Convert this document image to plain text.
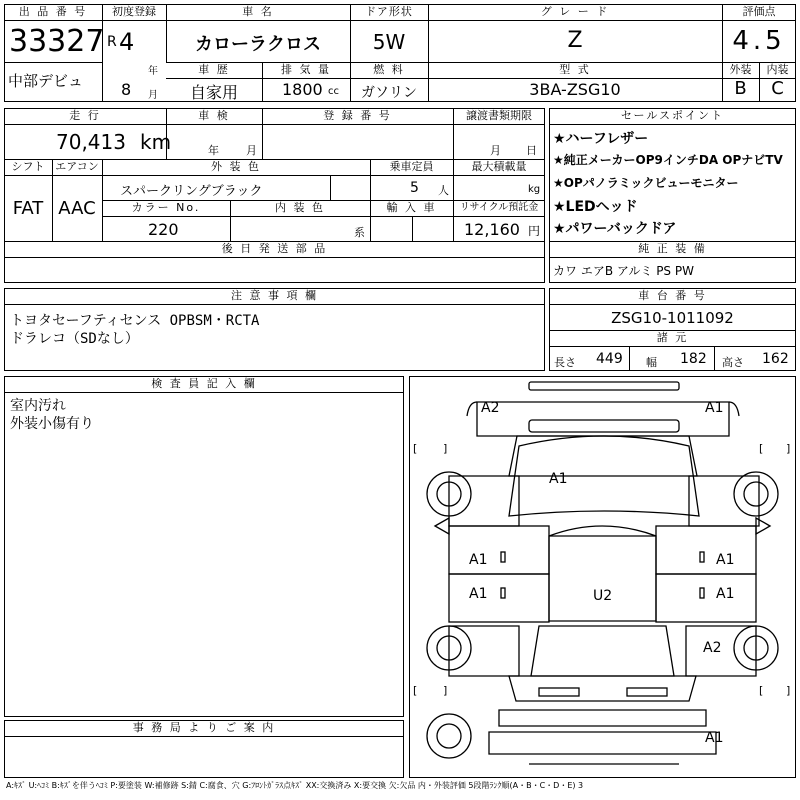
出 品 番 号
33327
中部デビュ
初度登録
R 4
年
8 月
車 名
カローラクロス
ドア形状
5W
グ レ ー ド
Z
評価点
4.5
車 歴
自家用
排 気 量
1800 cc
燃 料
ガソリン
型 式
3BA-ZSG10
外装	内装
B	C
走 行
70,413 km
車 検
年 月
登 録 番 号	譲渡書類期限
月 日
シフト
FAT
エアコン
AAC
外 装 色
スパークリングブラック
乗車定員
5 人
最大積載量
kg
カラー No.
220
内 装 色
系
輸 入 車	リサイクル預託金
12,160 円
後 日 発 送 部 品
セールスポイント
★ハーフレザー
★純正メーカーOP9インチDA OPナビTV
★OPパノラミックビューモニター
★LEDヘッド
★パワーバックドア
純 正 装 備
カワ エアB アルミ PS PW
注 意 事 項 欄
トヨタセーフティセンス OPBSM・RCTA
ドラレコ（SDなし）
車 台 番 号
ZSG10-1011092
諸 元
長さ 449 幅 182 高さ 162
検 査 員 記 入 欄
室内汚れ
外装小傷有り
事 務 局 よ り ご 案 内
[ ]	[ ]
[ ]	[ ]
A2	A1
A1
A1	A1
A1	A1
U2
A2
A1
A:ｷｽﾞ U:ﾍｺﾐ B:ｷｽﾞを伴うﾍｺﾐ P:要塗装 W:補修跡 S:錆 C:腐食、穴 G:ﾌﾛﾝﾄｶﾞﾗｽ点ｷｽﾞ XX:交換済み X:要交換 欠:欠品 内・外装評価 5段階ﾗﾝｸ順(A・B・C・D・E) 3
